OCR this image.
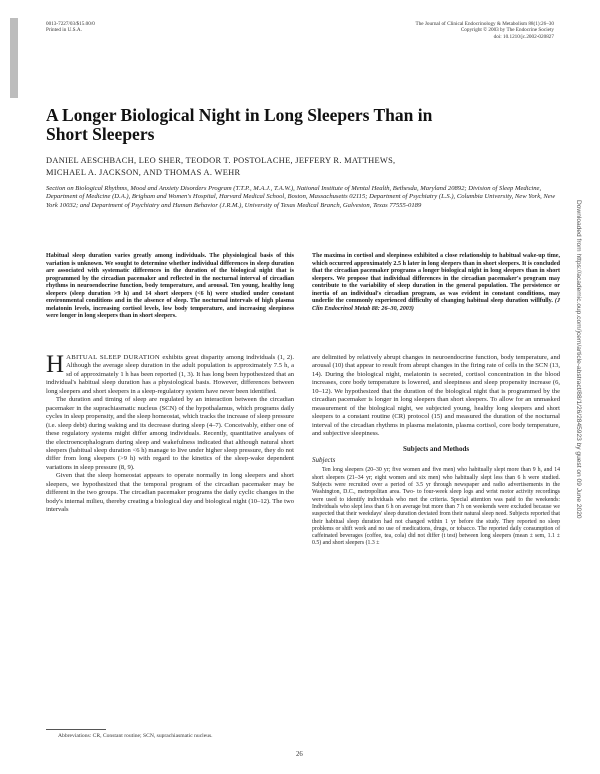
0013-7227/03/$15.00/0
Printed in U.S.A.
The Journal of Clinical Endocrinology & Metabolism 88(1):26–30
Copyright © 2003 by The Endocrine Society
doi: 10.1210/jc.2002-020827
A Longer Biological Night in Long Sleepers Than in Short Sleepers
DANIEL AESCHBACH, LEO SHER, TEODOR T. POSTOLACHE, JEFFERY R. MATTHEWS,
MICHAEL A. JACKSON, AND THOMAS A. WEHR
Section on Biological Rhythms, Mood and Anxiety Disorders Program (T.T.P., M.A.J., T.A.W.), National Institute of Mental Health, Bethesda, Maryland 20892; Division of Sleep Medicine, Department of Medicine (D.A.), Brigham and Women's Hospital, Harvard Medical School, Boston, Massachusetts 02115; Department of Psychiatry (L.S.), Columbia University, New York, New York 10032; and Department of Psychiatry and Human Behavior (J.R.M.), University of Texas Medical Branch, Galveston, Texas 77555-0189
Habitual sleep duration varies greatly among individuals. The physiological basis of this variation is unknown. We sought to determine whether individual differences in sleep duration are associated with systematic differences in the duration of the biological night that is programmed by the circadian pacemaker and reflected in the nocturnal interval of circadian rhythms in neuroendocrine function, body temperature, and arousal. Ten young, healthy long sleepers (sleep duration >9 h) and 14 short sleepers (<6 h) were studied under constant environmental conditions and in the absence of sleep. The nocturnal intervals of high plasma melatonin levels, increasing cortisol levels, low body temperature, and increasing sleepiness were longer in long sleepers than in short sleepers.
The maxima in cortisol and sleepiness exhibited a close relationship to habitual wake-up time, which occurred approximately 2.5 h later in long sleepers than in short sleepers. It is concluded that the circadian pacemaker programs a longer biological night in long sleepers than in short sleepers. We propose that individual differences in the circadian pacemaker's program may contribute to the variability of sleep duration in the general population. The persistence or inertia of an individual's circadian program, as was evident in constant conditions, may underlie the commonly experienced difficulty of changing habitual sleep duration willfully. (J Clin Endocrinol Metab 88: 26–30, 2003)

HABITUAL SLEEP DURATION exhibits great disparity among individuals (1, 2). Although the average sleep duration in the adult population is approximately 7.5 h, a sd of approximately 1 h has been reported (1, 3). It has long been hypothesized that an individual's habitual sleep duration has a physiological basis. However, differences between long sleepers and short sleepers in a sleep-regulatory system have never been identified.

The duration and timing of sleep are regulated by an interaction between the circadian pacemaker in the suprachiasmatic nucleus (SCN) of the hypothalamus, which programs daily cycles in sleep propensity, and the sleep homeostat, which tracks the increase of sleep pressure (i.e. sleep debt) during waking and its decrease during sleep (4–7). Conceivably, either one of these regulatory systems might differ among individuals. Recently, quantitative analyses of the electroencephalogram during sleep and wakefulness indicated that although natural short sleepers (habitual sleep duration <6 h) manage to live under higher sleep pressure, they do not differ from long sleepers (>9 h) with regard to the kinetics of the sleep-wake dependent variations in sleep pressure (8, 9).

Given that the sleep homeostat appears to operate normally in long sleepers and short sleepers, we hypothesized that the temporal program of the circadian pacemaker may be different in the two groups. The circadian pacemaker programs the daily cyclic changes in the body's internal milieu, thereby creating a biological day and biological night (10–12). The two intervals

are delimited by relatively abrupt changes in neuroendocrine function, body temperature, and arousal (10) that appear to result from abrupt changes in the firing rate of cells in the SCN (13, 14). During the biological night, melatonin is secreted, cortisol concentration in the blood increases, core body temperature is lowered, and sleepiness and sleep propensity increase (6, 10–12). We hypothesized that the duration of the biological night that is programmed by the circadian pacemaker is longer in long sleepers than short sleepers. To allow for an unmasked measurement of the biological night, we subjected young, healthy long sleepers and short sleepers to a constant routine (CR) protocol (15) and measured the duration of the nocturnal interval of the circadian rhythms in plasma melatonin, plasma cortisol, core body temperature, and subjective sleepiness.

Subjects and Methods
Subjects

Ten long sleepers (20–30 yr; five women and five men) who habitually slept more than 9 h, and 14 short sleepers (21–34 yr; eight women and six men) who habitually slept less than 6 h were studied. Subjects were recruited over a period of 3.5 yr through newspaper and radio advertisements in the Washington, D.C., metropolitan area. Two- to four-week sleep logs and wrist motor activity recordings were used to identify individuals who met the criteria. Special attention was paid to the weekends: Individuals who slept less than 6 h on average but more than 7 h on weekends were excluded because we suspected that their weekdays' sleep duration deviated from their natural sleep need. Subjects reported that their habitual sleep duration had not changed within 1 yr before the study. They reported no sleep problems or shift work and no use of medications, drugs, or tobacco. The reported daily consumption of caffeinated beverages (coffee, tea, cola) did not differ (t test) between long sleepers (mean ± sem, 1.1 ± 0.5) and short sleepers (1.3 ±

Abbreviations: CR, Constant routine; SCN, suprachiasmatic nucleus.
26
Downloaded from https://academic.oup.com/jcem/article-abstract/88/1/26/2845923 by guest on 09 June 2020
